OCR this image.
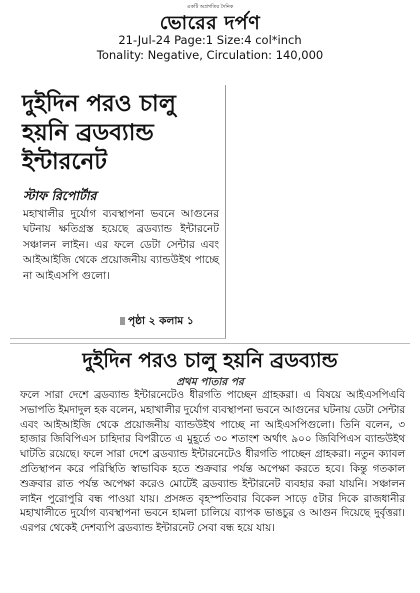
একটি অগ্রগতির দৈনিক
ভোরের দর্পণ
21-Jul-24 Page:1 Size:4 col*inch
Tonality: Negative, Circulation: 140,000
দুইদিন পরও চালু হয়নি ব্রডব্যান্ড ইন্টারনেট
স্টাফ রিপোর্টার

মহাখালীর দুর্যোগ ব্যবস্থাপনা ভবনে আগুনের ঘটনায় ক্ষতিগ্রস্ত হয়েছে ব্রডব্যান্ড ইন্টারনেট সঞ্চালন লাইন। এর ফলে ডেটা সেন্টার এবং আইআইজি থেকে প্রয়োজনীয় ব্যান্ডউইথ পাচ্ছে না আইএসপি গুলো।

পৃষ্ঠা ২ কলাম ১
দুইদিন পরও চালু হয়নি ব্রডব্যান্ড
প্রথম পাতার পর

ফলে সারা দেশে ব্রডব্যান্ড ইন্টারনেটেও ধীরগতি পাচ্ছেন গ্রাহকরা। এ বিষয়ে আইএসপিএবি সভাপতি ইমদাদুল হক বলেন, মহাখালীর দুর্যোগ ব্যবস্থাপনা ভবনে আগুনের ঘটনায় ডেটা সেন্টার এবং আইআইজি থেকে প্রয়োজনীয় ব্যান্ডউইথ পাচ্ছে না আইএসপিগুলো। তিনি বলেন, ৩ হাজার জিবিপিএস চাহিদার বিপরীতে এ মুহূর্তে ৩০ শতাংশ অর্থাৎ ৯০০ জিবিপিএস ব্যান্ডউইথ ঘাটতি রয়েছে। ফলে সারা দেশে ব্রডব্যান্ড ইন্টারনেটেও ধীরগতি পাচ্ছেন গ্রাহকরা। নতুন ক্যাবল প্রতিস্থাপন করে পরিস্থিতি স্বাভাবিক হতে শুক্রবার পর্যন্ত অপেক্ষা করতে হবে। কিন্তু গতকাল শুক্রবার রাত পর্যন্ত অপেক্ষা করেও মোটেই ব্রডব্যান্ড ইন্টারনেট ব্যবহার করা যায়নি। সঞ্চালন লাইন পুরোপুরি বন্ধ পাওয়া যায়। প্রসঙ্গত বৃহস্পতিবার বিকেল সাড়ে ৫টার দিকে রাজধানীর মহাখালীতে দুর্যোগ ব্যবস্থাপনা ভবনে হামলা চালিয়ে ব্যাপক ভাঙচুর ও আগুন দিয়েছে দুর্বৃত্তরা। এরপর থেকেই দেশব্যপি ব্রডব্যান্ড ইন্টারনেট সেবা বন্ধ হয়ে যায়।
